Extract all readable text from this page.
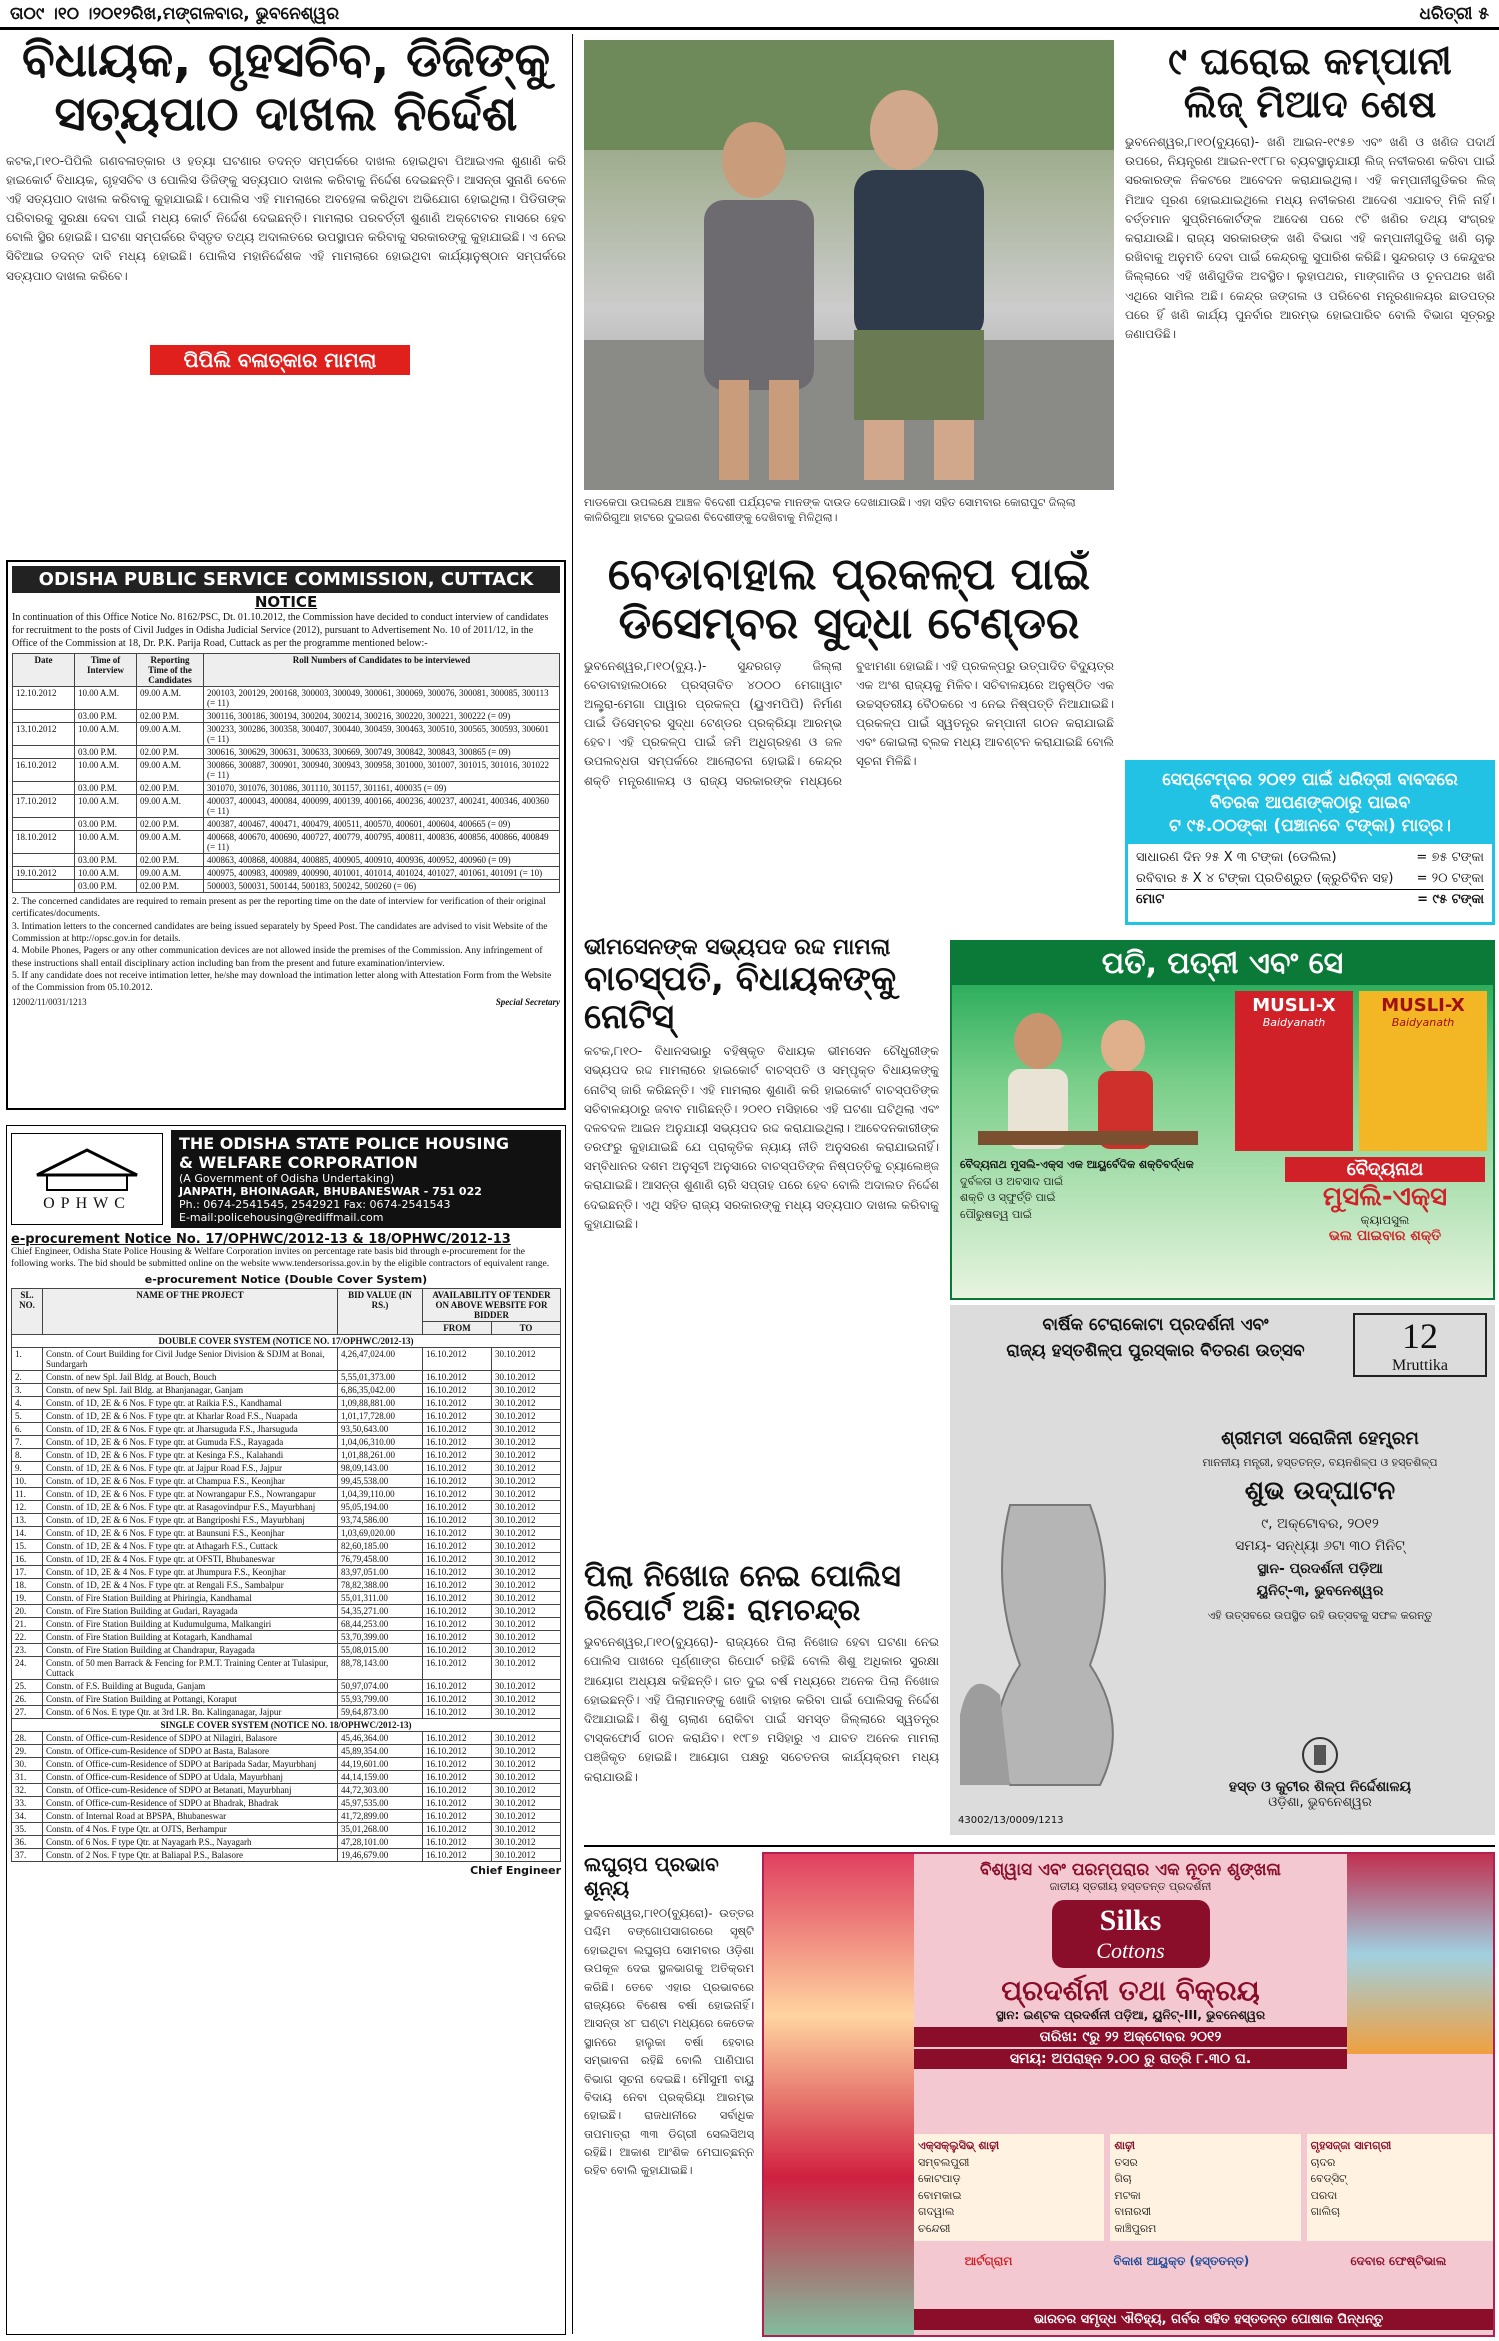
ତା୦୯ ।୧୦ ।୨୦୧୨ରିଖ,ମଙ୍ଗଳବାର, ଭୁବନେଶ୍ୱର	ଧରିତ୍ରୀ ୫
ବିଧାୟକ, ଗୃହସଚିବ, ଡିଜିଙ୍କୁ
ସତ୍ୟପାଠ ଦାଖଲ ନିର୍ଦ୍ଦେଶ
କଟକ,୮ା୧୦-ପିପିଲି ଗଣବଳାତ୍କାର ଓ ହତ୍ୟା ଘଟଣାର ତଦନ୍ତ ସମ୍ପର୍କରେ ଦାଖଲ ହୋଇଥିବା ପିଆଇଏଲ ଶୁଣାଣି କରି ହାଇକୋର୍ଟ ବିଧାୟକ, ଗୃହସଚିବ ଓ ପୋଲିସ ଡିଜିଙ୍କୁ ସତ୍ୟପାଠ ଦାଖଲ କରିବାକୁ ନିର୍ଦ୍ଦେଶ ଦେଇଛନ୍ତି। ଆସନ୍ତା ସୁନାଣି ବେଳେ ଏହି ସତ୍ୟପାଠ ଦାଖଲ କରିବାକୁ କୁହାଯାଇଛି। ପୋଲିସ ଏହି ମାମଲାରେ ଅବହେଳା କରିଥିବା ଅଭିଯୋଗ ହୋଇଥିଲା। ପିଡିତାଙ୍କ ପରିବାରକୁ ସୁରକ୍ଷା ଦେବା ପାଇଁ ମଧ୍ୟ କୋର୍ଟ ନିର୍ଦ୍ଦେଶ ଦେଇଛନ୍ତି। ମାମଲାର ପରବର୍ତ୍ତୀ ଶୁଣାଣି ଅକ୍ଟୋବର ମାସରେ ହେବ ବୋଲି ସ୍ଥିର ହୋଇଛି। ଘଟଣା ସମ୍ପର୍କରେ ବିସ୍ତୃତ ତଥ୍ୟ ଅଦାଲତରେ ଉପସ୍ଥାପନ କରିବାକୁ ସରକାରଙ୍କୁ କୁହାଯାଇଛି। ଏ ନେଇ ସିବିଆଇ ତଦନ୍ତ ଦାବି ମଧ୍ୟ ହୋଇଛି। ପୋଲିସ ମହାନିର୍ଦ୍ଦେଶକ ଏହି ମାମଲାରେ ହୋଇଥିବା କାର୍ଯ୍ୟାନୁଷ୍ଠାନ ସମ୍ପର୍କରେ ସତ୍ୟପାଠ ଦାଖଲ କରିବେ।
ପିପିଲି ବଳାତ୍କାର ମାମଲା
ODISHA PUBLIC SERVICE COMMISSION, CUTTACK
NOTICE
In continuation of this Office Notice No. 8162/PSC, Dt. 01.10.2012, the Commission have decided to conduct interview of candidates for recruitment to the posts of Civil Judges in Odisha Judicial Service (2012), pursuant to Advertisement No. 10 of 2011/12, in the Office of the Commission at 18, Dr. P.K. Parija Road, Cuttack as per the programme mentioned below:-
Date	Time of Interview	Reporting Time of the Candidates	Roll Numbers of Candidates to be interviewed
12.10.2012	10.00 A.M.	09.00 A.M.	200103, 200129, 200168, 300003, 300049, 300061, 300069, 300076, 300081, 300085, 300113 (= 11)
	03.00 P.M.	02.00 P.M.	300116, 300186, 300194, 300204, 300214, 300216, 300220, 300221, 300222 (= 09)
13.10.2012	10.00 A.M.	09.00 A.M.	300233, 300286, 300358, 300407, 300440, 300459, 300463, 300510, 300565, 300593, 300601 (= 11)
	03.00 P.M.	02.00 P.M.	300616, 300629, 300631, 300633, 300669, 300749, 300842, 300843, 300865 (= 09)
16.10.2012	10.00 A.M.	09.00 A.M.	300866, 300887, 300901, 300940, 300943, 300958, 301000, 301007, 301015, 301016, 301022 (= 11)
	03.00 P.M.	02.00 P.M.	301070, 301076, 301086, 301110, 301157, 301161, 400035 (= 09)
17.10.2012	10.00 A.M.	09.00 A.M.	400037, 400043, 400084, 400099, 400139, 400166, 400236, 400237, 400241, 400346, 400360 (= 11)
	03.00 P.M.	02.00 P.M.	400387, 400467, 400471, 400479, 400511, 400570, 400601, 400604, 400665 (= 09)
18.10.2012	10.00 A.M.	09.00 A.M.	400668, 400670, 400690, 400727, 400779, 400795, 400811, 400836, 400856, 400866, 400849 (= 11)
	03.00 P.M.	02.00 P.M.	400863, 400868, 400884, 400885, 400905, 400910, 400936, 400952, 400960 (= 09)
19.10.2012	10.00 A.M.	09.00 A.M.	400975, 400983, 400989, 400990, 401001, 401014, 401024, 401027, 401061, 401091 (= 10)
	03.00 P.M.	02.00 P.M.	500003, 500031, 500144, 500183, 500242, 500260 (= 06)
2. The concerned candidates are required to remain present as per the reporting time on the date of interview for verification of their original certificates/documents.
3. Intimation letters to the concerned candidates are being issued separately by Speed Post. The candidates are advised to visit Website of the Commission at http://opsc.gov.in for details.
4. Mobile Phones, Pagers or any other communication devices are not allowed inside the premises of the Commission. Any infringement of these instructions shall entail disciplinary action including ban from the present and future examination/interview.
5. If any candidate does not receive intimation letter, he/she may download the intimation letter along with Attestation Form from the Website of the Commission from 05.10.2012.
12002/11/0031/1213	Special Secretary
OPHWC
THE ODISHA STATE POLICE HOUSING
& WELFARE CORPORATION
(A Government of Odisha Undertaking)
JANPATH, BHOINAGAR, BHUBANESWAR - 751 022
Ph.: 0674-2541545, 2542921 Fax: 0674-2541543
E-mail:policehousing@rediffmail.com
e-procurement Notice No. 17/OPHWC/2012-13 & 18/OPHWC/2012-13
Chief Engineer, Odisha State Police Housing & Welfare Corporation invites on percentage rate basis bid through e-procurement for the following works. The bid should be submitted online on the website www.tendersorissa.gov.in by the eligible contractors of equivalent range.
e-procurement Notice (Double Cover System)
SL. NO.	NAME OF THE PROJECT	BID VALUE (IN RS.)	AVAILABILITY OF TENDER ON ABOVE WEBSITE FOR BIDDER	
			FROM	TO
DOUBLE COVER SYSTEM (NOTICE NO. 17/OPHWC/2012-13)				
1.	Constn. of Court Building for Civil Judge Senior Division & SDJM at Bonai, Sundargarh	4,26,47,024.00	16.10.2012	30.10.2012
2.	Constn. of new Spl. Jail Bldg. at Bouch, Bouch	5,55,01,373.00	16.10.2012	30.10.2012
3.	Constn. of new Spl. Jail Bldg. at Bhanjanagar, Ganjam	6,86,35,042.00	16.10.2012	30.10.2012
4.	Constn. of 1D, 2E & 6 Nos. F type qtr. at Raikia F.S., Kandhamal	1,09,88,881.00	16.10.2012	30.10.2012
5.	Constn. of 1D, 2E & 6 Nos. F type qtr. at Kharlar Road F.S., Nuapada	1,01,17,728.00	16.10.2012	30.10.2012
6.	Constn. of 1D, 2E & 6 Nos. F type qtr. at Jharsuguda F.S., Jharsuguda	93,50,643.00	16.10.2012	30.10.2012
7.	Constn. of 1D, 2E & 6 Nos. F type qtr. at Gumuda F.S., Rayagada	1,04,06,310.00	16.10.2012	30.10.2012
8.	Constn. of 1D, 2E & 6 Nos. F type qtr. at Kesinga F.S., Kalahandi	1,01,88,261.00	16.10.2012	30.10.2012
9.	Constn. of 1D, 2E & 6 Nos. F type qtr. at Jajpur Road F.S., Jajpur	98,09,143.00	16.10.2012	30.10.2012
10.	Constn. of 1D, 2E & 6 Nos. F type qtr. at Champua F.S., Keonjhar	99,45,538.00	16.10.2012	30.10.2012
11.	Constn. of 1D, 2E & 6 Nos. F type qtr. at Nowrangapur F.S., Nowrangapur	1,04,39,110.00	16.10.2012	30.10.2012
12.	Constn. of 1D, 2E & 6 Nos. F type qtr. at Rasagovindpur F.S., Mayurbhanj	95,05,194.00	16.10.2012	30.10.2012
13.	Constn. of 1D, 2E & 6 Nos. F type qtr. at Bangriposhi F.S., Mayurbhanj	93,74,586.00	16.10.2012	30.10.2012
14.	Constn. of 1D, 2E & 6 Nos. F type qtr. at Baunsuni F.S., Keonjhar	1,03,69,020.00	16.10.2012	30.10.2012
15.	Constn. of 1D, 2E & 4 Nos. F type qtr. at Athagarh F.S., Cuttack	82,60,185.00	16.10.2012	30.10.2012
16.	Constn. of 1D, 2E & 4 Nos. F type qtr. at OFSTI, Bhubaneswar	76,79,458.00	16.10.2012	30.10.2012
17.	Constn. of 1D, 2E & 4 Nos. F type qtr. at Jhumpura F.S., Keonjhar	83,97,051.00	16.10.2012	30.10.2012
18.	Constn. of 1D, 2E & 4 Nos. F type qtr. at Rengali F.S., Sambalpur	78,82,388.00	16.10.2012	30.10.2012
19.	Constn. of Fire Station Building at Phiringia, Kandhamal	55,01,311.00	16.10.2012	30.10.2012
20.	Constn. of Fire Station Building at Gudari, Rayagada	54,35,271.00	16.10.2012	30.10.2012
21.	Constn. of Fire Station Building at Kudumulguma, Malkangiri	68,44,253.00	16.10.2012	30.10.2012
22.	Constn. of Fire Station Building at Kotagarh, Kandhamal	53,70,399.00	16.10.2012	30.10.2012
23.	Constn. of Fire Station Building at Chandrapur, Rayagada	55,08,015.00	16.10.2012	30.10.2012
24.	Constn. of 50 men Barrack & Fencing for P.M.T. Training Center at Tulasipur, Cuttack	88,78,143.00	16.10.2012	30.10.2012
25.	Constn. of F.S. Building at Buguda, Ganjam	50,97,074.00	16.10.2012	30.10.2012
26.	Constn. of Fire Station Building at Pottangi, Koraput	55,93,799.00	16.10.2012	30.10.2012
27.	Constn. of 6 Nos. E type Qtr. at 3rd I.R. Bn. Kalinganagar, Jajpur	59,64,873.00	16.10.2012	30.10.2012
SINGLE COVER SYSTEM (NOTICE NO. 18/OPHWC/2012-13)				
28.	Constn. of Office-cum-Residence of SDPO at Nilagiri, Balasore	45,46,364.00	16.10.2012	30.10.2012
29.	Constn. of Office-cum-Residence of SDPO at Basta, Balasore	45,89,354.00	16.10.2012	30.10.2012
30.	Constn. of Office-cum-Residence of SDPO at Baripada Sadar, Mayurbhanj	44,19,601.00	16.10.2012	30.10.2012
31.	Constn. of Office-cum-Residence of SDPO at Udala, Mayurbhanj	44,14,159.00	16.10.2012	30.10.2012
32.	Constn. of Office-cum-Residence of SDPO at Betanati, Mayurbhanj	44,72,303.00	16.10.2012	30.10.2012
33.	Constn. of Office-cum-Residence of SDPO at Bhadrak, Bhadrak	45,97,535.00	16.10.2012	30.10.2012
34.	Constn. of Internal Road at BPSPA, Bhubaneswar	41,72,899.00	16.10.2012	30.10.2012
35.	Constn. of 4 Nos. F type Qtr. at OJTS, Berhampur	35,01,268.00	16.10.2012	30.10.2012
36.	Constn. of 6 Nos. F type Qtr. at Nayagarh P.S., Nayagarh	47,28,101.00	16.10.2012	30.10.2012
37.	Constn. of 2 Nos. F type Qtr. at Baliapal P.S., Balasore	19,46,679.00	16.10.2012	30.10.2012
Chief Engineer
ମାଡକେପା ଉପଲକ୍ଷେ ଆଞ୍ଚଳ ବିଦେଶୀ ପର୍ଯ୍ୟଟକ ମାନଙ୍କ ଦାଉଡ ଦେଖାଯାଉଛି। ଏହା ସହିତ ସୋମବାର କୋରାପୁଟ ଜିଲ୍ଲା କାଳିରିଗୁଆ ହାଟରେ ଦୁଇଜଣ ବିଦେଶୀଙ୍କୁ ଦେଖିବାକୁ ମିଳିଥିଲା।
୯ ଘରୋଇ କମ୍ପାନୀ
ଲିଜ୍ ମିଆଦ ଶେଷ
ଭୁବନେଶ୍ୱର,୮ା୧୦(ବ୍ୟୁରୋ)- ଖଣି ଆଇନ-୧୯୫୭ ଏବଂ ଖଣି ଓ ଖଣିଜ ପଦାର୍ଥ ଉପରେ, ନିୟନ୍ତ୍ରଣ ଆଇନ-୧୯୮୮ର ବ୍ୟବସ୍ଥାନୁଯାୟୀ ଲିଜ୍ ନବୀକରଣ କରିବା ପାଇଁ ସରକାରଙ୍କ ନିକଟରେ ଆବେଦନ କରାଯାଇଥିଲା। ଏହି କମ୍ପାନୀଗୁଡିକର ଲିଜ୍ ମିଆଦ ପୂରଣ ହୋଇଯାଇଥିଲେ ମଧ୍ୟ ନବୀକରଣ ଆଦେଶ ଏଯାବତ୍ ମିଳି ନାହିଁ। ବର୍ତ୍ତମାନ ସୁପ୍ରିମକୋର୍ଟଙ୍କ ଆଦେଶ ପରେ ୯ଟି ଖଣିର ତଥ୍ୟ ସଂଗ୍ରହ କରାଯାଉଛି। ରାଜ୍ୟ ସରକାରଙ୍କ ଖଣି ବିଭାଗ ଏହି କମ୍ପାନୀଗୁଡିକୁ ଖଣି ଚାଲୁ ରଖିବାକୁ ଅନୁମତି ଦେବା ପାଇଁ କେନ୍ଦ୍ରକୁ ସୁପାରିଶ କରିଛି। ସୁନ୍ଦରଗଡ଼ ଓ କେନ୍ଦୁଝର ଜିଲ୍ଲାରେ ଏହି ଖଣିଗୁଡିକ ଅବସ୍ଥିତ। ଲୁହାପଥର, ମାଙ୍ଗାନିଜ ଓ ଚୂନପଥର ଖଣି ଏଥିରେ ସାମିଲ ଅଛି। କେନ୍ଦ୍ର ଜଙ୍ଗଲ ଓ ପରିବେଶ ମନ୍ତ୍ରଣାଳୟର ଛାଡପତ୍ର ପରେ ହିଁ ଖଣି କାର୍ଯ୍ୟ ପୁନର୍ବାର ଆରମ୍ଭ ହୋଇପାରିବ ବୋଲି ବିଭାଗ ସୂତ୍ରରୁ ଜଣାପଡିଛି।
ସେପ୍ଟେମ୍ବର ୨୦୧୨ ପାଇଁ ଧରିତ୍ରୀ ବାବଦରେ
ବିତରକ ଆପଣଙ୍କଠାରୁ ପାଇବ
ଟ ୯୫.୦୦ଙ୍କା (ପଞ୍ଚାନବେ ଟଙ୍କା) ମାତ୍ର।
ସାଧାରଣ ଦିନ ୨୫ X ୩ ଟଙ୍କା (ଡେଲିଲ)	= ୭୫ ଟଙ୍କା
ରବିବାର ୫ X ୪ ଟଙ୍କା ପ୍ରତିଶ୍ରୁତ (କ୍ରୁଚିବିନ ସହ) = ୨୦ ଟଙ୍କା
ମୋଟ	= ୯୫ ଟଙ୍କା
ବେଡାବାହାଲ ପ୍ରକଳ୍ପ ପାଇଁ
ଡିସେମ୍ବର ସୁଦ୍ଧା ଟେଣ୍ଡର
ଭୁବନେଶ୍ୱର,୮ା୧୦(ବ୍ୟୁ.)- ସୁନ୍ଦରଗଡ଼ ଜିଲ୍ଲା ବେଡାବାହାଲଠାରେ ପ୍ରସ୍ତାବିତ ୪୦୦୦ ମେଗାୱାଟ ଅଲ୍ଟ୍ରା-ମେଗା ପାୱାର ପ୍ରକଳ୍ପ (ୟୁଏମପିପି) ନିର୍ମାଣ ପାଇଁ ଡିସେମ୍ବର ସୁଦ୍ଧା ଟେଣ୍ଡର ପ୍ରକ୍ରିୟା ଆରମ୍ଭ ହେବ। ଏହି ପ୍ରକଳ୍ପ ପାଇଁ ଜମି ଅଧିଗ୍ରହଣ ଓ ଜଳ ଉପଲବ୍ଧତା ସମ୍ପର୍କରେ ଆଲୋଚନା ହୋଇଛି। କେନ୍ଦ୍ର ଶକ୍ତି ମନ୍ତ୍ରଣାଳୟ ଓ ରାଜ୍ୟ ସରକାରଙ୍କ ମଧ୍ୟରେ ବୁଝାମଣା ହୋଇଛି। ଏହି ପ୍ରକଳ୍ପରୁ ଉତ୍ପାଦିତ ବିଦ୍ୟୁତ୍‌ର ଏକ ଅଂଶ ରାଜ୍ୟକୁ ମିଳିବ। ସଚିବାଳୟରେ ଅନୁଷ୍ଠିତ ଏକ ଉଚ୍ଚସ୍ତରୀୟ ବୈଠକରେ ଏ ନେଇ ନିଷ୍ପତ୍ତି ନିଆଯାଇଛି। ପ୍ରକଳ୍ପ ପାଇଁ ସ୍ୱତନ୍ତ୍ର କମ୍ପାନୀ ଗଠନ କରାଯାଇଛି ଏବଂ କୋଇଲା ବ୍ଲକ ମଧ୍ୟ ଆବଣ୍ଟନ କରାଯାଇଛି ବୋଲି ସୂଚନା ମିଳିଛି।
ଭୀମସେନଙ୍କ ସଭ୍ୟପଦ ରଦ୍ଦ ମାମଲା
ବାଚସ୍ପତି, ବିଧାୟକଙ୍କୁ ନୋଟିସ୍
କଟକ,୮ା୧୦- ବିଧାନସଭାରୁ ବହିଷ୍କୃତ ବିଧାୟକ ଭୀମସେନ ଚୌଧୁରୀଙ୍କ ସଭ୍ୟପଦ ରଦ୍ଦ ମାମଲାରେ ହାଇକୋର୍ଟ ବାଚସ୍ପତି ଓ ସମ୍ପୃକ୍ତ ବିଧାୟକଙ୍କୁ ନୋଟିସ୍ ଜାରି କରିଛନ୍ତି। ଏହି ମାମଲାର ଶୁଣାଣି କରି ହାଇକୋର୍ଟ ବାଚସ୍ପତିଙ୍କ ସଚିବାଳୟଠାରୁ ଜବାବ ମାଗିଛନ୍ତି। ୨୦୧୦ ମସିହାରେ ଏହି ଘଟଣା ଘଟିଥିଲା ଏବଂ ଦଳବଦଳ ଆଇନ ଅନୁଯାୟୀ ସଭ୍ୟପଦ ରଦ୍ଦ କରାଯାଇଥିଲା। ଆବେଦନକାରୀଙ୍କ ତରଫରୁ କୁହାଯାଇଛି ଯେ ପ୍ରାକୃତିକ ନ୍ୟାୟ ନୀତି ଅନୁସରଣ କରାଯାଇନାହିଁ। ସମ୍ବିଧାନର ଦଶମ ଅନୁସୂଚୀ ଅନୁସାରେ ବାଚସ୍ପତିଙ୍କ ନିଷ୍ପତ୍ତିକୁ ଚ୍ୟାଲେଞ୍ଜ କରାଯାଇଛି। ଆସନ୍ତା ଶୁଣାଣି ଚାରି ସପ୍ତାହ ପରେ ହେବ ବୋଲି ଅଦାଲତ ନିର୍ଦ୍ଦେଶ ଦେଇଛନ୍ତି। ଏଥି ସହିତ ରାଜ୍ୟ ସରକାରଙ୍କୁ ମଧ୍ୟ ସତ୍ୟପାଠ ଦାଖଲ କରିବାକୁ କୁହାଯାଇଛି।
ପତି, ପତ୍ନୀ ଏବଂ ସେ
MUSLI-X
Baidyanath
MUSLI-X
Baidyanath
ବୈଦ୍ୟନାଥ ମୁସଲି-ଏକ୍ସ ଏକ ଆୟୁର୍ବେଦିକ ଶକ୍ତିବର୍ଦ୍ଧକ
ଦୁର୍ବଳତା ଓ ଅବସାଦ ପାଇଁ
ଶକ୍ତି ଓ ସ୍ଫୁର୍ତ୍ତି ପାଇଁ
ପୌରୁଷତ୍ୱ ପାଇଁ
ବୈଦ୍ୟନାଥ
ମୁସଲି-ଏକ୍ସ
କ୍ୟାପସୁଲ
ଭଲ ପାଇବାର ଶକ୍ତି
ବାର୍ଷିକ ଟେରାକୋଟା ପ୍ରଦର୍ଶନୀ ଏବଂ
ରାଜ୍ୟ ହସ୍ତଶିଳ୍ପ ପୁରସ୍କାର ବିତରଣ ଉତ୍ସବ	12
Mruttika
ଶ୍ରୀମତୀ ସରୋଜିନୀ ହେମ୍ବ୍ରମ
ମାନନୀୟ ମନ୍ତ୍ରୀ, ହସ୍ତତନ୍ତ, ବୟନଶିଳ୍ପ ଓ ହସ୍ତଶିଳ୍ପ
ଶୁଭ ଉଦ୍‌ଘାଟନ
୯, ଅକ୍ଟୋବର, ୨୦୧୨
ସମୟ- ସନ୍ଧ୍ୟା ୬ଟା ୩୦ ମିନିଟ୍
ସ୍ଥାନ- ପ୍ରଦର୍ଶନୀ ପଡ଼ିଆ
ୟୁନିଟ୍-୩, ଭୁବନେଶ୍ୱର
ଏହି ଉତ୍ସବରେ ଉପସ୍ଥିତ ରହି ଉତ୍ସବକୁ ସଫଳ କରନ୍ତୁ
ହସ୍ତ ଓ କୁଟୀର ଶିଳ୍ପ ନିର୍ଦ୍ଦେଶାଳୟ
ଓଡ଼ିଶା, ଭୁବନେଶ୍ୱର
43002/13/0009/1213
ପିଲା ନିଖୋଜ ନେଇ ପୋଲିସ
ରିପୋର୍ଟ ଅଛି: ରାମଚନ୍ଦ୍ର
ଭୁବନେଶ୍ୱର,୮ା୧୦(ବ୍ୟୁରୋ)- ରାଜ୍ୟରେ ପିଲା ନିଖୋଜ ହେବା ଘଟଣା ନେଇ ପୋଲିସ ପାଖରେ ପୂର୍ଣ୍ଣାଙ୍ଗ ରିପୋର୍ଟ ରହିଛି ବୋଲି ଶିଶୁ ଅଧିକାର ସୁରକ୍ଷା ଆୟୋଗ ଅଧ୍ୟକ୍ଷ କହିଛନ୍ତି। ଗତ ଦୁଇ ବର୍ଷ ମଧ୍ୟରେ ଅନେକ ପିଲା ନିଖୋଜ ହୋଇଛନ୍ତି। ଏହି ପିଲାମାନଙ୍କୁ ଖୋଜି ବାହାର କରିବା ପାଇଁ ପୋଲିସକୁ ନିର୍ଦ୍ଦେଶ ଦିଆଯାଇଛି। ଶିଶୁ ଚାଲାଣ ରୋକିବା ପାଇଁ ସମସ୍ତ ଜିଲ୍ଲାରେ ସ୍ୱତନ୍ତ୍ର ଟାସ୍କଫୋର୍ସ ଗଠନ କରାଯିବ। ୧୯୮୭ ମସିହାରୁ ଏ ଯାବତ ଅନେକ ମାମଲା ପଞ୍ଜିକୃତ ହୋଇଛି। ଆୟୋଗ ପକ୍ଷରୁ ସଚେତନତା କାର୍ଯ୍ୟକ୍ରମ ମଧ୍ୟ କରାଯାଉଛି।
ଲଘୁଚାପ ପ୍ରଭାବ ଶୂନ୍ୟ
ଭୁବନେଶ୍ୱର,୮ା୧୦(ବ୍ୟୁରୋ)- ଉତ୍ତର ପଶ୍ଚିମ ବଙ୍ଗୋପସାଗରରେ ସୃଷ୍ଟି ହୋଇଥିବା ଲଘୁଚାପ ସୋମବାର ଓଡ଼ିଶା ଉପକୂଳ ଦେଇ ସ୍ଥଳଭାଗକୁ ଅତିକ୍ରମ କରିଛି। ତେବେ ଏହାର ପ୍ରଭାବରେ ରାଜ୍ୟରେ ବିଶେଷ ବର୍ଷା ହୋଇନାହିଁ। ଆସନ୍ତା ୪୮ ଘଣ୍ଟା ମଧ୍ୟରେ କେତେକ ସ୍ଥାନରେ ହାଲୁକା ବର୍ଷା ହେବାର ସମ୍ଭାବନା ରହିଛି ବୋଲି ପାଣିପାଗ ବିଭାଗ ସୂଚନା ଦେଇଛି। ମୌସୁମୀ ବାୟୁ ବିଦାୟ ନେବା ପ୍ରକ୍ରିୟା ଆରମ୍ଭ ହୋଇଛି। ରାଜଧାନୀରେ ସର୍ବାଧିକ ତାପମାତ୍ରା ୩୩ ଡିଗ୍ରୀ ସେଲସିଅସ୍ ରହିଛି। ଆକାଶ ଆଂଶିକ ମେଘାଚ୍ଛନ୍ନ ରହିବ ବୋଲି କୁହାଯାଇଛି।
ବିଶ୍ୱାସ ଏବଂ ପରମ୍ପରାର ଏକ ନୂତନ ଶୃଙ୍ଖଳା
ଜାତୀୟ ସ୍ତରୀୟ ହସ୍ତତନ୍ତ ପ୍ରଦର୍ଶନୀ
Silks
Cottons
ପ୍ରଦର୍ଶନୀ ତଥା ବିକ୍ରୟ
ସ୍ଥାନ: ଇଣ୍ଟକ ପ୍ରଦର୍ଶନୀ ପଡ଼ିଆ, ୟୁନିଟ୍-III, ଭୁବନେଶ୍ୱର
ତାରିଖ: ୯ରୁ ୨୨ ଅକ୍ଟୋବର ୨୦୧୨
ସମୟ: ଅପରାହ୍ନ ୨.୦୦ ରୁ ରାତ୍ରି ୮.୩୦ ଘ.
ଏକ୍ସକ୍ଲୁସିଭ୍ ଶାଢ଼ୀ
ସମ୍ବଲପୁରୀ
କୋଟପାଡ଼
ବୋମକାଇ
ଗଦୱାଲ
ଚନ୍ଦେରୀ
ଶାଢ଼ୀ
ତସର
ଗିଚା
ମଟକା
ବାନାରସୀ
କାଞ୍ଚିପୁରମ
ଗୃହସଜ୍ଜା ସାମଗ୍ରୀ
ଚାଦର
ବେଡ୍‌ସିଟ୍
ପରଦା
ଗାଲିଚା
ଆର୍ଟଗ୍ରାମ	ବିକାଶ ଆୟୁକ୍ତ (ହସ୍ତତନ୍ତ)	ଦେବାର ଫେଷ୍ଟିଭାଲ
ଭାରତର ସମୃଦ୍ଧ ଐତିହ୍ୟ, ଗର୍ବର ସହିତ ହସ୍ତତନ୍ତ ପୋଷାକ ପିନ୍ଧନ୍ତୁ
